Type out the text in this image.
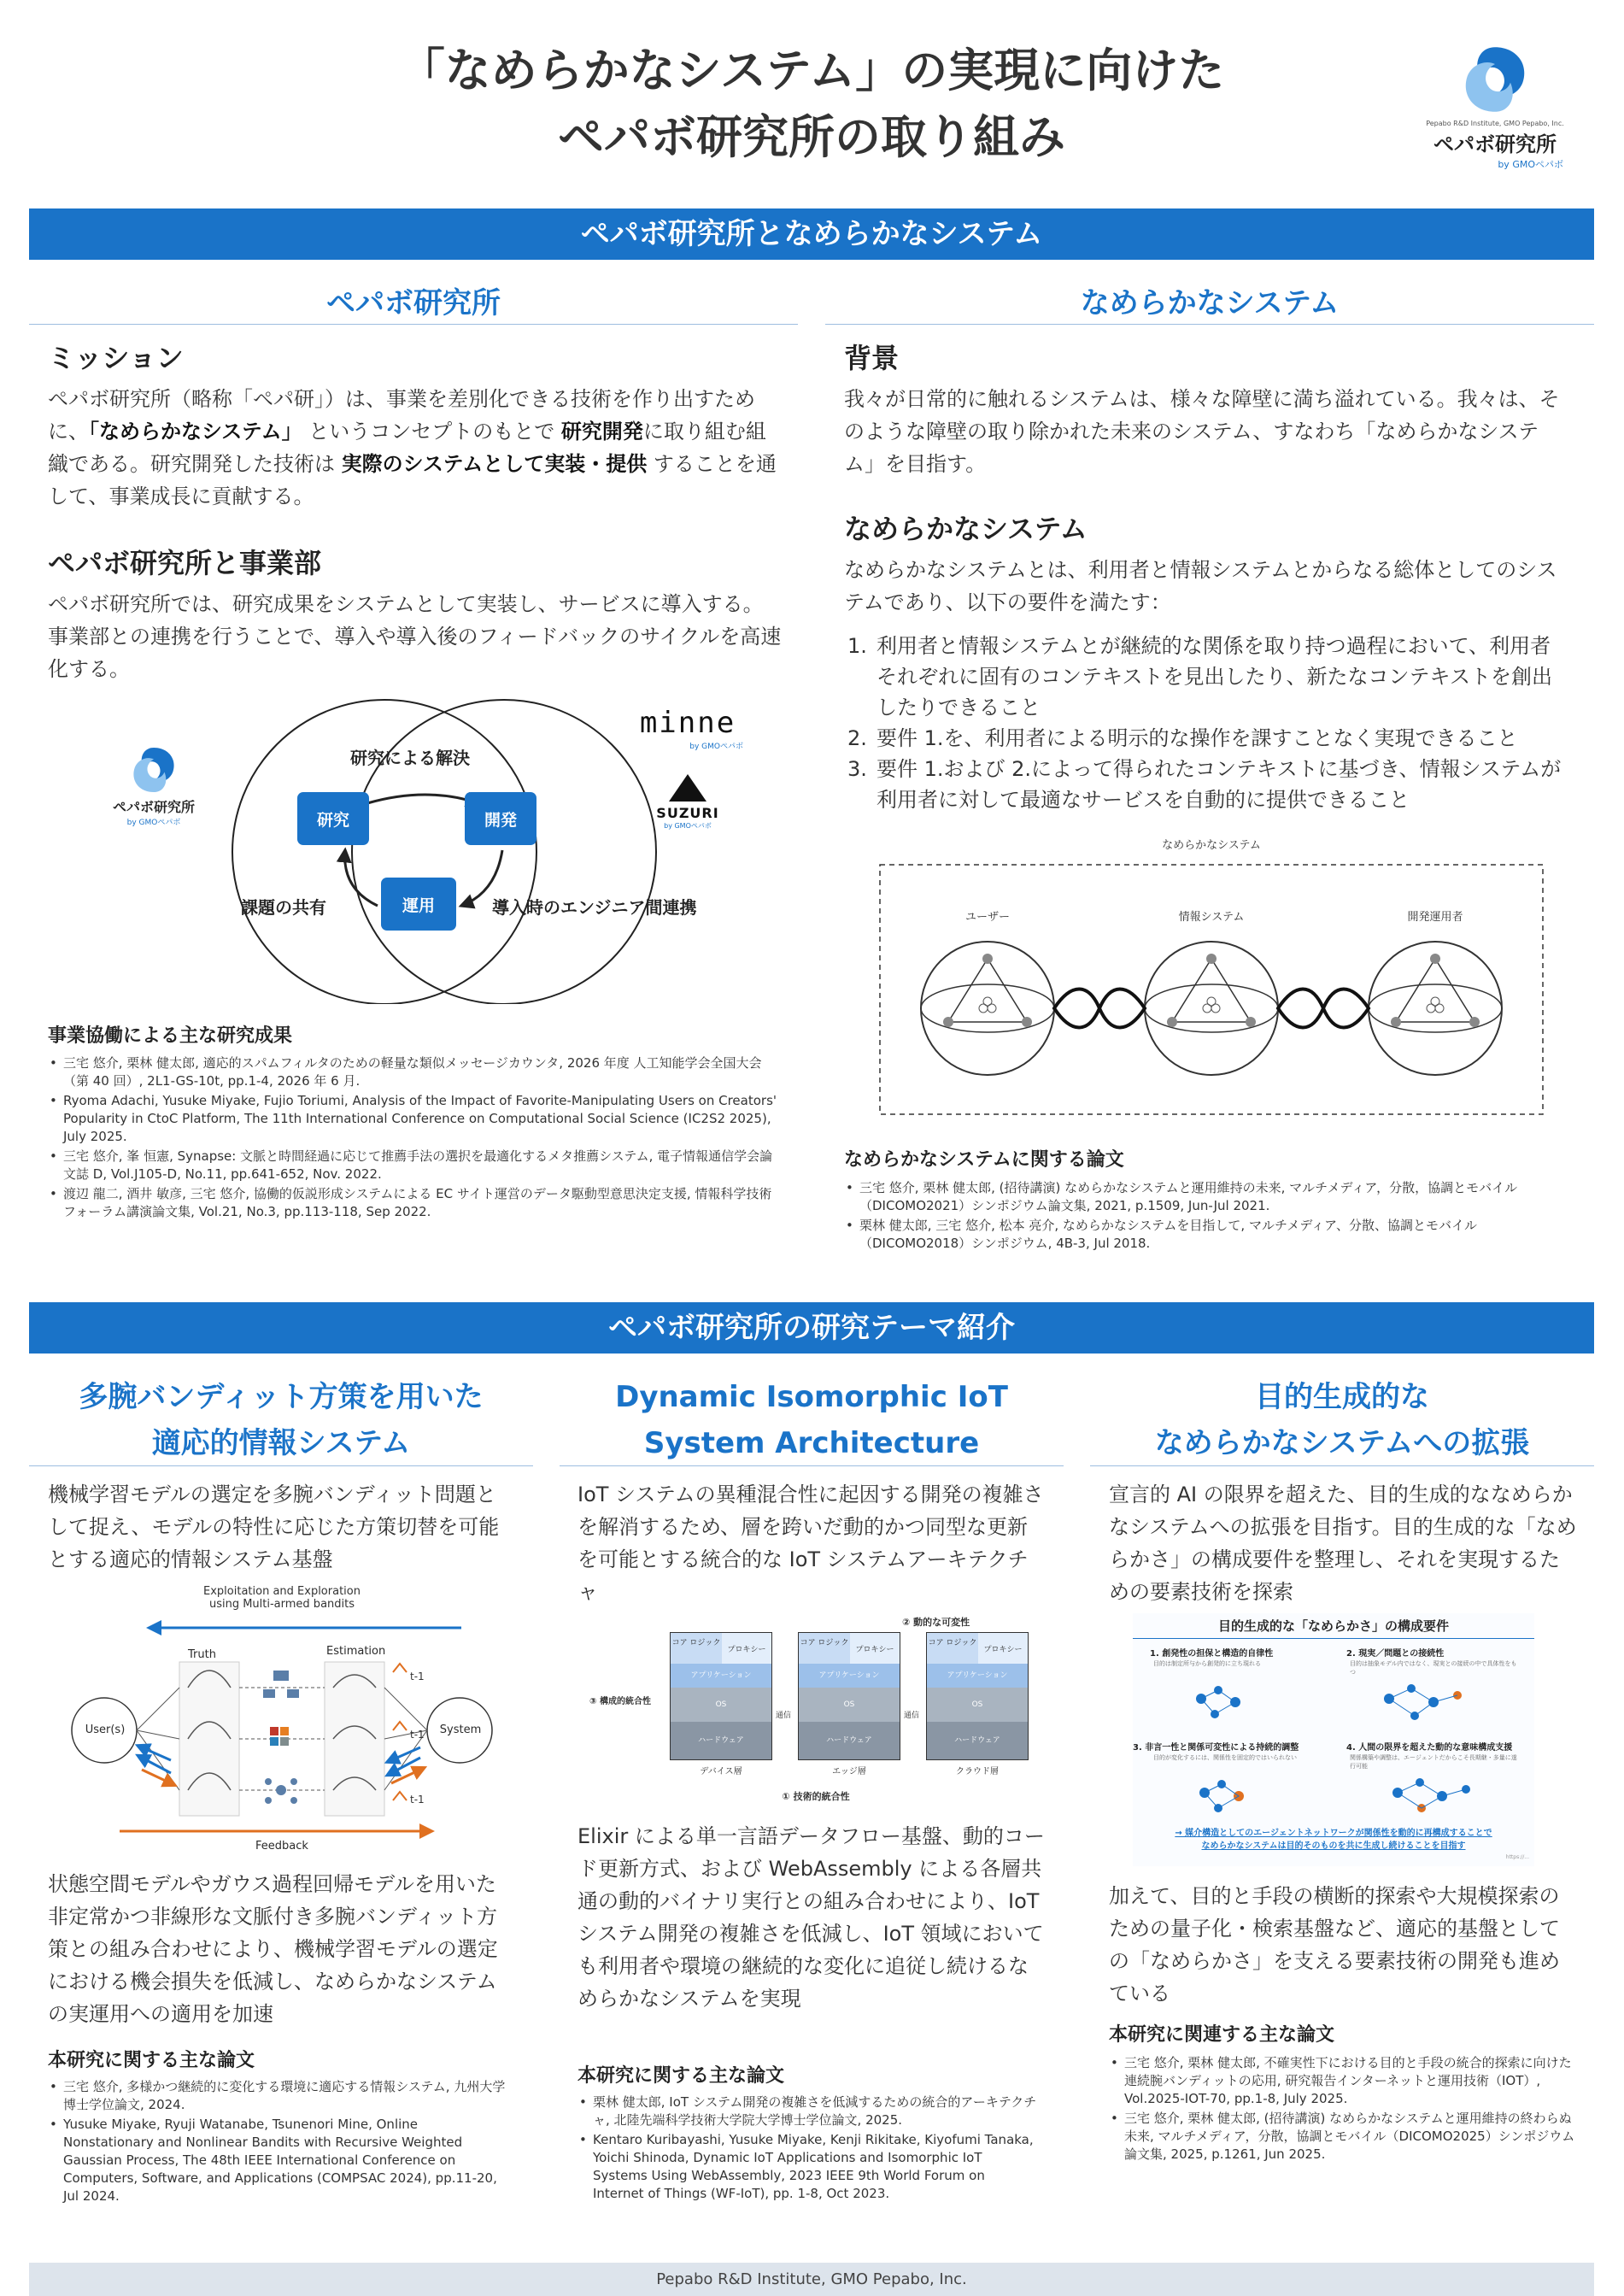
「なめらかなシステム」の実現に向けた
ペパボ研究所の取り組み	Pepabo R&D Institute, GMO Pepabo, Inc.
ペパボ研究所
by GMOペパボ
ペパボ研究所となめらかなシステム
ペパボ研究所
ミッション
ペパボ研究所（略称「ペパ研」）は、事業を差別化できる技術を作り出すために、「なめらかなシステム」 というコンセプトのもとで 研究開発に取り組む組織である。研究開発した技術は 実際のシステムとして実装・提供 することを通して、事業成長に貢献する。
ペパボ研究所と事業部
ペパボ研究所では、研究成果をシステムとして実装し、サービスに導入する。事業部との連携を行うことで、導入や導入後のフィードバックのサイクルを高速化する。
研究による解決
研究	開発
運用
課題の共有	導入時のエンジニア間連携
ペパボ研究所
by GMOペパボ
minne
by GMOペパボ
SUZURI
by GMOペパボ
事業協働による主な研究成果
• 三宅 悠介, 栗林 健太郎, 適応的スパムフィルタのための軽量な類似メッセージカウンタ, 2026 年度 人工知能学会全国大会（第 40 回）, 2L1-GS-10t, pp.1-4, 2026 年 6 月.
• Ryoma Adachi, Yusuke Miyake, Fujio Toriumi, Analysis of the Impact of Favorite-Manipulating Users on Creators' Popularity in CtoC Platform, The 11th International Conference on Computational Social Science (IC2S2 2025), July 2025.
• 三宅 悠介, 峯 恒憲, Synapse: 文脈と時間経過に応じて推薦手法の選択を最適化するメタ推薦システム, 電子情報通信学会論文誌 D, Vol.J105-D, No.11, pp.641-652, Nov. 2022.
• 渡辺 龍二, 酒井 敏彦, 三宅 悠介, 協働的仮説形成システムによる EC サイト運営のデータ駆動型意思決定支援, 情報科学技術フォーラム講演論文集, Vol.21, No.3, pp.113-118, Sep 2022.
なめらかなシステム
背景
我々が日常的に触れるシステムは、様々な障壁に満ち溢れている。我々は、そのような障壁の取り除かれた未来のシステム、すなわち「なめらかなシステム」を目指す。
なめらかなシステム
なめらかなシステムとは、利用者と情報システムとからなる総体としてのシステムであり、以下の要件を満たす：
1. 利用者と情報システムとが継続的な関係を取り持つ過程において、利用者それぞれに固有のコンテキストを見出したり、新たなコンテキストを創出したりできること
2. 要件 1.を、利用者による明示的な操作を課すことなく実現できること
3. 要件 1.および 2.によって得られたコンテキストに基づき、情報システムが利用者に対して最適なサービスを自動的に提供できること
なめらかなシステム
ユーザー	情報システム	開発運用者
なめらかなシステムに関する論文
• 三宅 悠介, 栗林 健太郎, (招待講演) なめらかなシステムと運用維持の未来, マルチメディア，分散，協調とモバイル（DICOMO2021）シンポジウム論文集, 2021, p.1509, Jun-Jul 2021.
• 栗林 健太郎, 三宅 悠介, 松本 亮介, なめらかなシステムを目指して, マルチメディア、分散、協調とモバイル（DICOMO2018）シンポジウム, 4B-3, Jul 2018.
ペパボ研究所の研究テーマ紹介
多腕バンディット方策を用いた
適応的情報システム
機械学習モデルの選定を多腕バンディット問題として捉え、モデルの特性に応じた方策切替を可能とする適応的情報システム基盤
Exploitation and Exploration
using Multi-armed bandits
Truth	Estimation
User(s)	System
t-1
t-1
t-1
Feedback
状態空間モデルやガウス過程回帰モデルを用いた非定常かつ非線形な文脈付き多腕バンディット方策との組み合わせにより、機械学習モデルの選定における機会損失を低減し、なめらかなシステムの実運用への適用を加速
本研究に関する主な論文
• 三宅 悠介, 多様かつ継続的に変化する環境に適応する情報システム, 九州大学博士学位論文, 2024.
• Yusuke Miyake, Ryuji Watanabe, Tsunenori Mine, Online Nonstationary and Nonlinear Bandits with Recursive Weighted Gaussian Process, The 48th IEEE International Conference on Computers, Software, and Applications (COMPSAC 2024), pp.11-20, Jul 2024.
Dynamic Isomorphic IoT
System Architecture
IoT システムの異種混合性に起因する開発の複雑さを解消するため、層を跨いだ動的かつ同型な更新を可能とする統合的な IoT システムアーキテクチャ
② 動的な可変性
③ 構成的統合性
① 技術的統合性
コア ロジック
プロキシー
アプリケーション
OS
ハードウェア
デバイス層
通信
コア ロジック
プロキシー
アプリケーション
OS
ハードウェア
エッジ層
通信
コア ロジック
プロキシー
アプリケーション
OS
ハードウェア
クラウド層
Elixir による単一言語データフロー基盤、動的コード更新方式、および WebAssembly による各層共通の動的バイナリ実行との組み合わせにより、IoT システム開発の複雑さを低減し、IoT 領域においても利用者や環境の継続的な変化に追従し続けるなめらかなシステムを実現
本研究に関する主な論文
• 栗林 健太郎, IoT システム開発の複雑さを低減するための統合的アーキテクチャ, 北陸先端科学技術大学院大学博士学位論文, 2025.
• Kentaro Kuribayashi, Yusuke Miyake, Kenji Rikitake, Kiyofumi Tanaka, Yoichi Shinoda, Dynamic IoT Applications and Isomorphic IoT Systems Using WebAssembly, 2023 IEEE 9th World Forum on Internet of Things (WF-IoT), pp. 1-8, Oct 2023.
目的生成的な
なめらかなシステムへの拡張
宣言的 AI の限界を超えた、目的生成的ななめらかなシステムへの拡張を目指す。目的生成的な「なめらかさ」の構成要件を整理し、それを実現するための要素技術を探索
目的生成的な「なめらかさ」の構成要件
1. 創発性の担保と構造的自律性
目的は制定所与から創発的に立ち現れる
2. 現実／問題との接続性
目的は抽象モデル内ではなく、現実との接続の中で具体性をもつ
3. 非言一性と関係可変性による持続的調整
目的が変化するには、関係性を固定的ではいられない
4. 人間の限界を超えた動的な意味構成支援
関係構築や調整は、エージェントだからこそ長期継・多量に遂行可能
→ 媒介構造としてのエージェントネットワークが関係性を動的に再構成することで
なめらかなシステムは目的そのものを共に生成し続けることを目指す
https://...
加えて、目的と手段の横断的探索や大規模探索のための量子化・検索基盤など、適応的基盤としての「なめらかさ」を支える要素技術の開発も進めている
本研究に関連する主な論文
• 三宅 悠介, 栗林 健太郎, 不確実性下における目的と手段の統合的探索に向けた連続腕バンディットの応用, 研究報告インターネットと運用技術（IOT）, Vol.2025-IOT-70, pp.1-8, July 2025.
• 三宅 悠介, 栗林 健太郎, (招待講演) なめらかなシステムと運用維持の終わらぬ未来, マルチメディア，分散，協調とモバイル（DICOMO2025）シンポジウム論文集, 2025, p.1261, Jun 2025.
Pepabo R&D Institute, GMO Pepabo, Inc.
